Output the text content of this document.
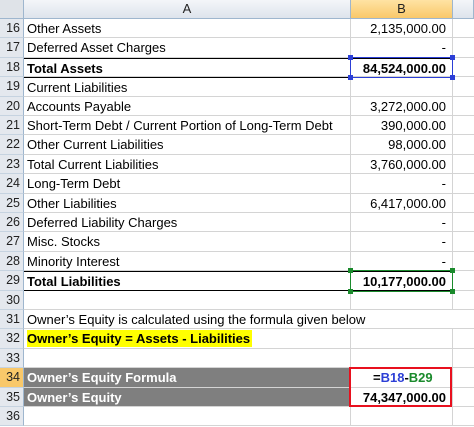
A	B
16 Other Assets	2,135,000.00
17 Deferred Asset Charges	-
18 Total Assets	84,524,000.00
19 Current Liabilities
20 Accounts Payable	3,272,000.00
21 Short-Term Debt / Current Portion of Long-Term Debt	390,000.00
22 Other Current Liabilities	98,000.00
23 Total Current Liabilities	3,760,000.00
24 Long-Term Debt	-
25 Other Liabilities	6,417,000.00
26 Deferred Liability Charges	-
27 Misc. Stocks	-
28 Minority Interest	-
29 Total Liabilities	10,177,000.00
30
31 Owner’s Equity is calculated using the formula given below
32 Owner’s Equity = Assets - Liabilities
33
34 Owner’s Equity Formula	=B18-B29
35 Owner’s Equity	74,347,000.00
36
